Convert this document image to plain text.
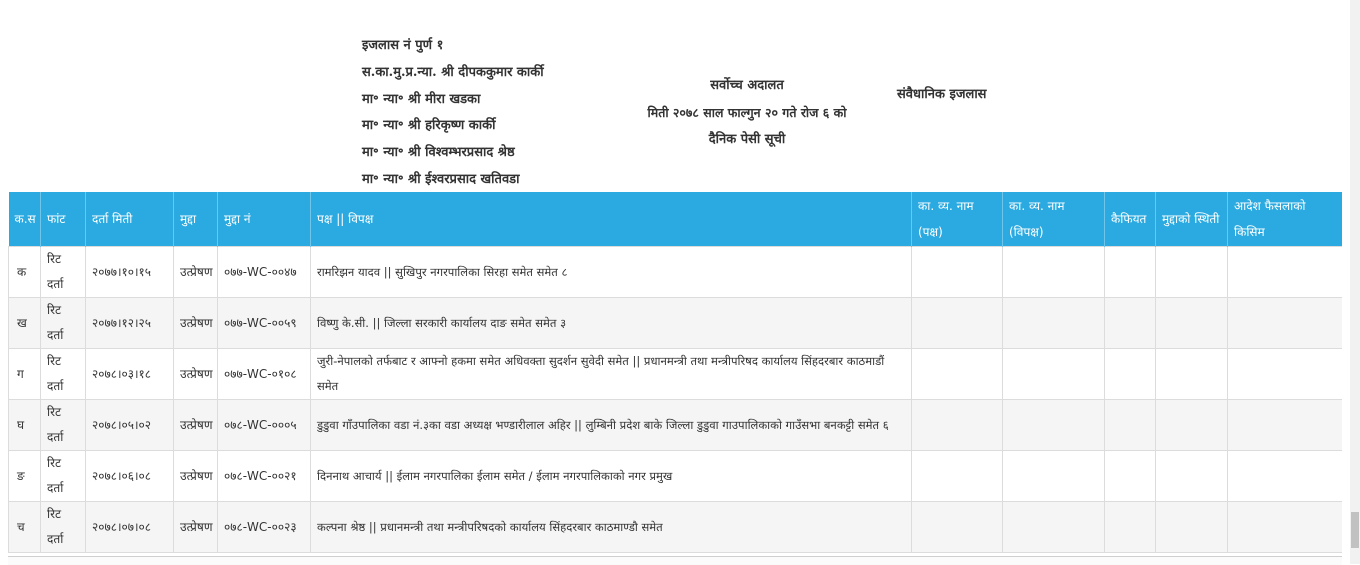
इजलास नं पुर्ण १
स.का.मु.प्र.न्या. श्री दीपककुमार कार्की
मा॰ न्या॰ श्री मीरा खडका
मा॰ न्या॰ श्री हरिकृष्ण कार्की
मा॰ न्या॰ श्री विश्वम्भरप्रसाद श्रेष्ठ
मा॰ न्या॰ श्री ईश्वरप्रसाद खतिवडा
सर्वोच्च अदालत
मिती २०७८ साल फाल्गुन २० गते रोज ६ को
दैनिक पेसी सूची
संवैधानिक इजलास
क.स	फांट	दर्ता मिती	मुद्दा	मुद्दा नं	पक्ष || विपक्ष	का. व्य. नाम (पक्ष)	का. व्य. नाम (विपक्ष)	कैफियत	मुद्दाको स्थिती	आदेश फैसलाको किसिम
क	रिट दर्ता	२०७७।१०।१५	उत्प्रेषण	०७७-WC-००४७	रामरिझन यादव || सुखिपुर नगरपालिका सिरहा समेत समेत ८					
ख	रिट दर्ता	२०७७।१२।२५	उत्प्रेषण	०७७-WC-००५९	विष्णु के.सी. || जिल्ला सरकारी कार्यालय दाङ समेत समेत ३					
ग	रिट दर्ता	२०७८।०३।१८	उत्प्रेषण	०७७-WC-०१०८	जुरी-नेपालको तर्फबाट र आफ्नो हकमा समेत अधिवक्ता सुदर्शन सुवेदी समेत || प्रधानमन्त्री तथा मन्त्रीपरिषद कार्यालय सिंहदरबार काठमाडौं समेत					
घ	रिट दर्ता	२०७८।०५।०२	उत्प्रेषण	०७८-WC-०००५	डुडुवा गाँउपालिका वडा नं.३का वडा अध्यक्ष भण्डारीलाल अहिर || लुम्बिनी प्रदेश बाके जिल्ला डुडुवा गाउपालिकाको गाउँसभा बनकट्टी समेत ६					
ङ	रिट दर्ता	२०७८।०६।०८	उत्प्रेषण	०७८-WC-००२१	दिननाथ आचार्य || ईलाम नगरपालिका ईलाम समेत / ईलाम नगरपालिकाको नगर प्रमुख					
च	रिट दर्ता	२०७८।०७।०८	उत्प्रेषण	०७८-WC-००२३	कल्पना श्रेष्ठ || प्रधानमन्त्री तथा मन्त्रीपरिषदको कार्यालय सिंहदरबार काठमाण्डौ समेत					
